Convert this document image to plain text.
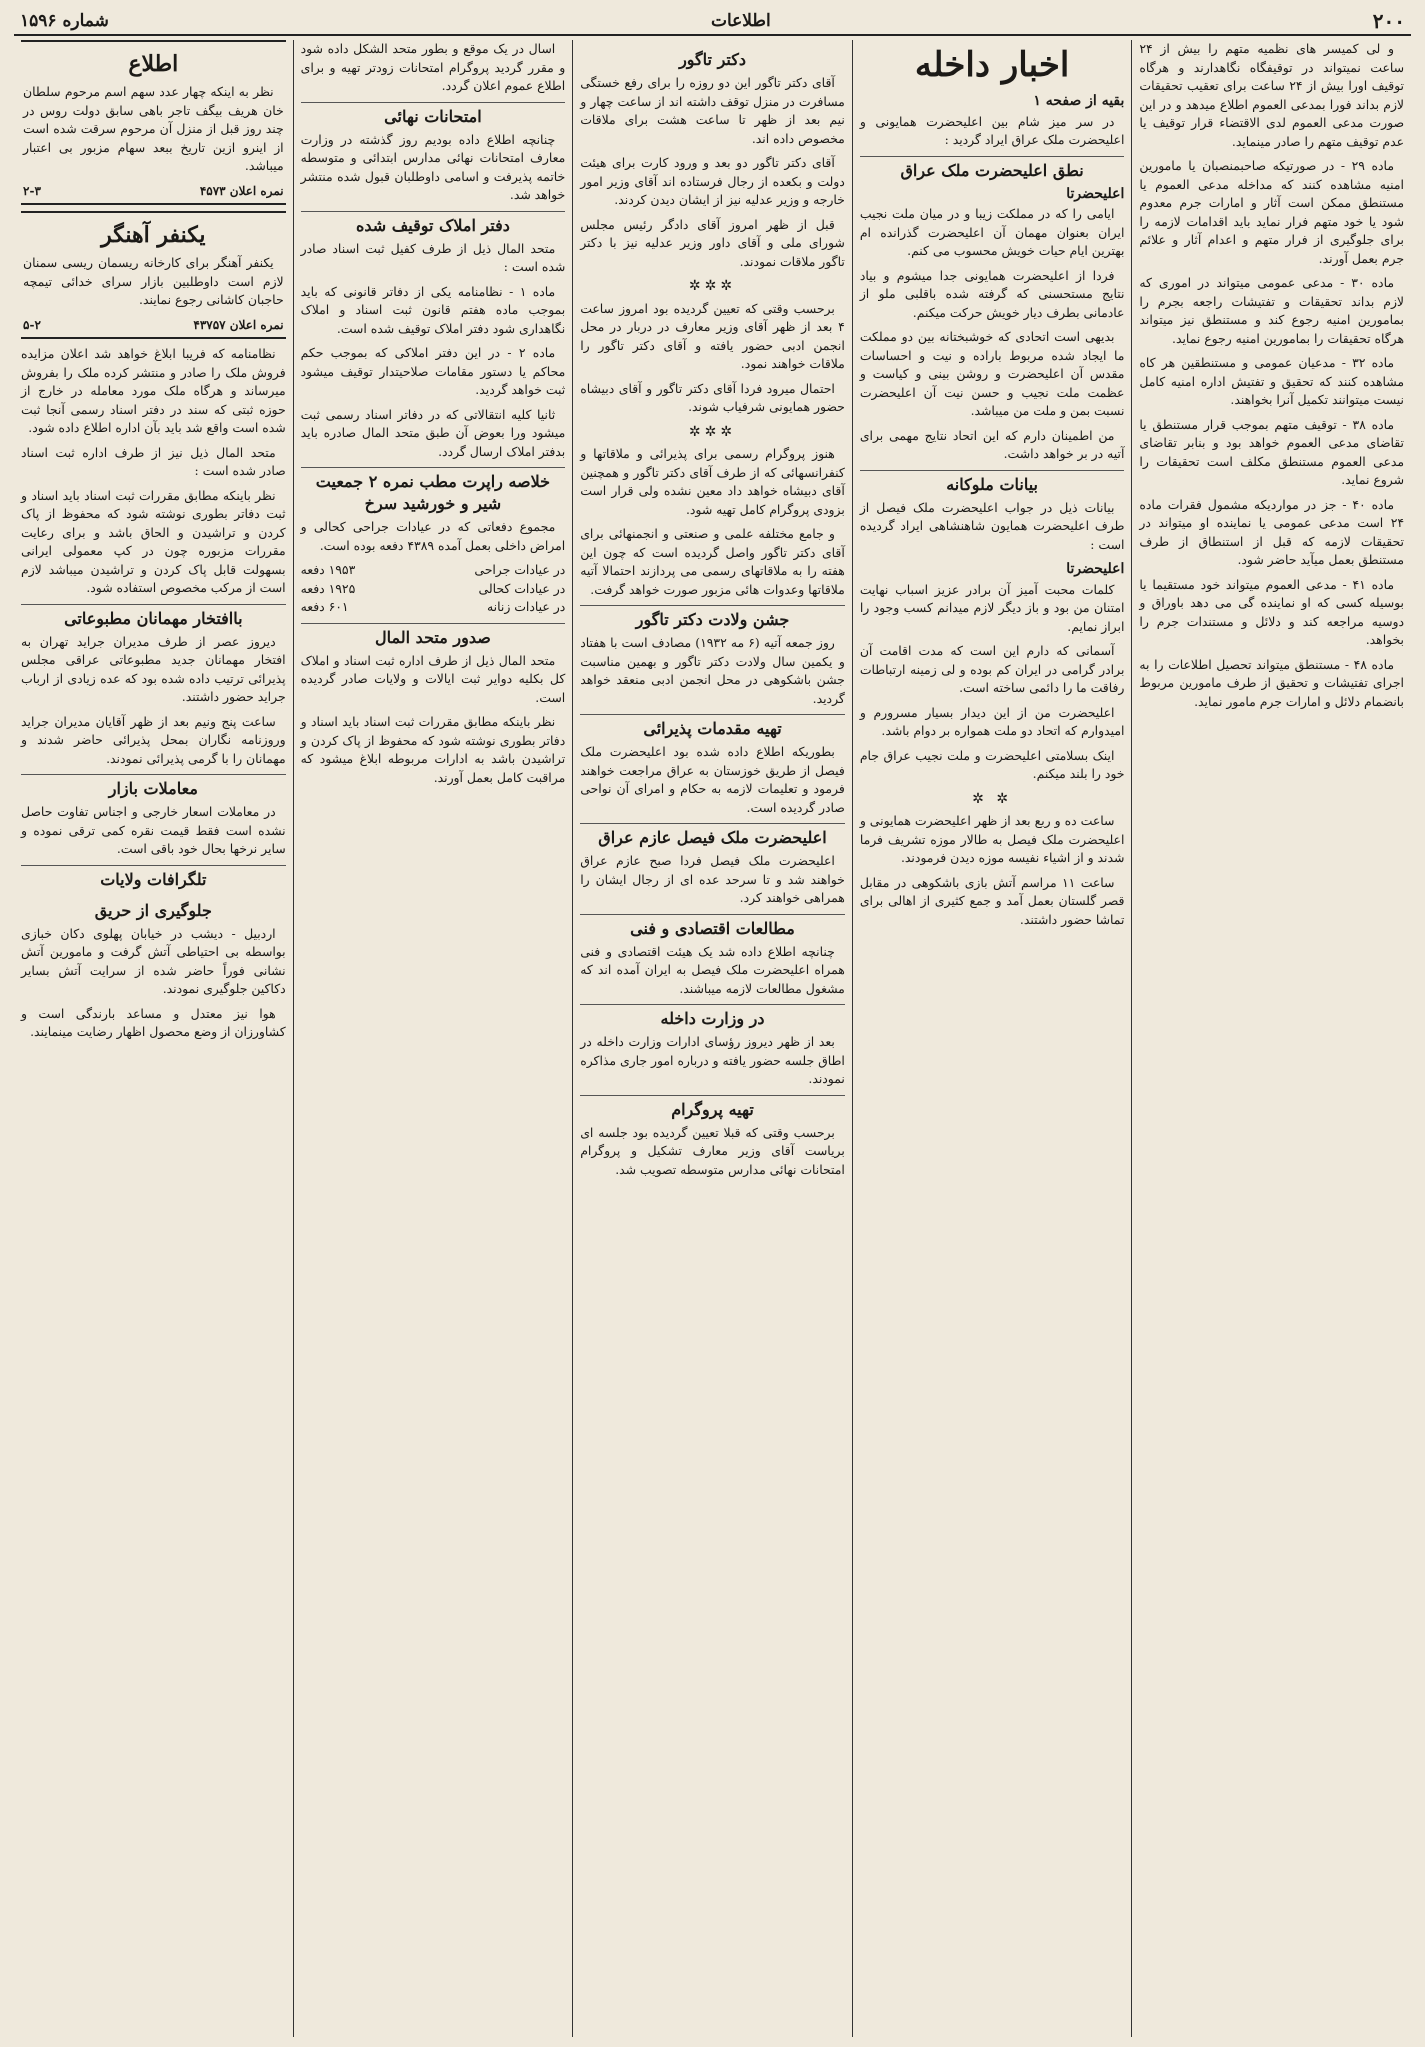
۲۰۰
اطلاعات
شماره ۱۵۹۶

و لی کمیسر های نظمیه متهم را بیش از ۲۴ ساعت نمیتواند در توقیفگاه نگاهدارند و هرگاه توقیف اورا بیش از ۲۴ ساعت برای تعقیب تحقیقات لازم بداند فورا بمدعی العموم اطلاع میدهد و در این صورت مدعی العموم لدی الاقتضاء قرار توقیف یا عدم توقیف متهم را صادر مینماید.

ماده ۲۹ - در صورتیکه صاحبمنصبان یا مامورین امنیه مشاهده کنند که مداخله مدعی العموم یا مستنطق ممکن است آثار و امارات جرم معدوم شود یا خود متهم فرار نماید باید اقدامات لازمه را برای جلوگیری از فرار متهم و اعدام آثار و علائم جرم بعمل آورند.

ماده ۳۰ - مدعی عمومی میتواند در اموری که لازم بداند تحقیقات و تفتیشات راجعه بجرم را بمامورین امنیه رجوع کند و مستنطق نیز میتواند هرگاه تحقیقات را بمامورین امنیه رجوع نماید.

ماده ۳۲ - مدعیان عمومی و مستنطقین هر کاه مشاهده کنند که تحقیق و تفتیش اداره امنیه کامل نیست میتوانند تکمیل آنرا بخواهند.

ماده ۳۸ - توقیف متهم بموجب قرار مستنطق یا تقاضای مدعی العموم خواهد بود و بنابر تقاضای مدعی العموم مستنطق مکلف است تحقیقات را شروع نماید.

ماده ۴۰ - جز در مواردیکه مشمول فقرات ماده ۲۴ است مدعی عمومی یا نماینده او میتواند در تحقیقات لازمه که قبل از استنطاق از طرف مستنطق بعمل میآید حاضر شود.

ماده ۴۱ - مدعی العموم میتواند خود مستقیما یا بوسیله کسی که او نماینده گی می دهد باوراق و دوسیه مراجعه کند و دلائل و مستندات جرم را بخواهد.

ماده ۴۸ - مستنطق میتواند تحصیل اطلاعات را به اجرای تفتیشات و تحقیق از طرف مامورین مربوط بانضمام دلائل و امارات جرم مامور نماید.

اخبار داخله
بقیه از صفحه ۱

در سر میز شام بین اعلیحضرت همایونی و اعلیحضرت ملک عراق ایراد گردید :

نطق اعلیحضرت ملک عراق
اعلیحضرتا

ایامی را که در مملکت زیبا و در میان ملت نجیب ایران بعنوان مهمان آن اعلیحضرت گذرانده ام بهترین ایام حیات خویش محسوب می کنم.

فردا از اعلیحضرت همایونی جدا میشوم و بیاد نتایج مستحسنی که گرفته شده باقلبی ملو از عادمانی بطرف دیار خویش حرکت میکنم.

بدیهی است اتحادی که خوشبختانه بین دو مملکت ما ایجاد شده مربوط باراده و نیت و احساسات مقدس آن اعلیحضرت و روشن بینی و کیاست و عظمت ملت نجیب و حسن نیت آن اعلیحضرت نسبت بمن و ملت من میباشد.

من اطمینان دارم که این اتحاد نتایج مهمی برای آتیه در بر خواهد داشت.

بیانات ملوکانه

بیانات ذیل در جواب اعلیحضرت ملک فیصل از طرف اعلیحضرت همایون شاهنشاهی ایراد گردیده است :

اعلیحضرتا

کلمات محبت آمیز آن برادر عزیز اسباب نهایت امتنان من بود و باز دیگر لازم میدانم کسب وجود را ابراز نمایم.

آسمانی که دارم این است که مدت اقامت آن برادر گرامی در ایران کم بوده و لی زمینه ارتباطات رفاقت ما را دائمی ساخته است.

اعلیحضرت من از این دیدار بسیار مسرورم و امیدوارم که اتحاد دو ملت همواره بر دوام باشد.

اینک بسلامتی اعلیحضرت و ملت نجیب عراق جام خود را بلند میکنم.

✲ ✲

ساعت ده و ربع بعد از ظهر اعلیحضرت همایونی و اعلیحضرت ملک فیصل به طالار موزه تشریف فرما شدند و از اشیاء نفیسه موزه دیدن فرمودند.

ساعت ۱۱ مراسم آتش بازی باشکوهی در مقابل قصر گلستان بعمل آمد و جمع کثیری از اهالی برای تماشا حضور داشتند.

دکتر تاگور

آقای دکتر تاگور این دو روزه را برای رفع خستگی مسافرت در منزل توقف داشته اند از ساعت چهار و نیم بعد از ظهر تا ساعت هشت برای ملاقات مخصوص داده اند.

آقای دکتر تاگور دو بعد و ورود کارت برای هیئت دولت و بکعده از رجال فرستاده اند آقای وزیر امور خارجه و وزیر عدلیه نیز از ایشان دیدن کردند.

قبل از ظهر امروز آقای دادگر رئیس مجلس شورای ملی و آقای داور وزیر عدلیه نیز با دکتر تاگور ملاقات نمودند.

✲✲✲

برحسب وقتی که تعیین گردیده بود امروز ساعت ۴ بعد از ظهر آقای وزیر معارف در دربار در محل انجمن ادبی حضور یافته و آقای دکتر تاگور را ملاقات خواهند نمود.

احتمال میرود فردا آقای دکتر تاگور و آقای دبیشاه حضور همایونی شرفیاب شوند.

✲✲✲

هنوز پروگرام رسمی برای پذیرائی و ملاقاتها و کنفرانسهائی که از طرف آقای دکتر تاگور و همچنین آقای دبیشاه خواهد داد معین نشده ولی قرار است بزودی پروگرام کامل تهیه شود.

و جامع مختلفه علمی و صنعتی و انجمنهائی برای آقای دکتر تاگور واصل گردیده است که چون این هفته را به ملاقاتهای رسمی می پردازند احتمالا آتیه ملاقاتها وعدوات هائی مزبور صورت خواهد گرفت.

جشن ولادت دکتر تاگور

روز جمعه آتیه (۶ مه ۱۹۳۲) مصادف است با هفتاد و یکمین سال ولادت دکتر تاگور و بهمین مناسبت جشن باشکوهی در محل انجمن ادبی منعقد خواهد گردید.

تهیه مقدمات پذیرائی

بطوریکه اطلاع داده شده بود اعلیحضرت ملک فیصل از طریق خوزستان به عراق مراجعت خواهند فرمود و تعلیمات لازمه به حکام و امرای آن نواحی صادر گردیده است.

اعلیحضرت ملک فیصل عازم عراق

اعلیحضرت ملک فیصل فردا صبح عازم عراق خواهند شد و تا سرحد عده ای از رجال ایشان را همراهی خواهند کرد.

مطالعات اقتصادی و فنی

چنانچه اطلاع داده شد یک هیئت اقتصادی و فنی همراه اعلیحضرت ملک فیصل به ایران آمده اند که مشغول مطالعات لازمه میباشند.

در وزارت داخله

بعد از ظهر دیروز رؤسای ادارات وزارت داخله در اطاق جلسه حضور یافته و درباره امور جاری مذاکره نمودند.

تهیه پروگرام

برحسب وقتی که قبلا تعیین گردیده بود جلسه ای بریاست آقای وزیر معارف تشکیل و پروگرام امتحانات نهائی مدارس متوسطه تصویب شد.

اسال در یک موقع و بطور متحد الشکل داده شود و مقرر گردید پروگرام امتحانات زودتر تهیه و برای اطلاع عموم اعلان گردد.

امتحانات نهائی

چنانچه اطلاع داده بودیم روز گذشته در وزارت معارف امتحانات نهائی مدارس ابتدائی و متوسطه خاتمه پذیرفت و اسامی داوطلبان قبول شده منتشر خواهد شد.

دفتر املاک توقیف شده

متحد المال ذیل از طرف کفیل ثبت اسناد صادر شده است :

ماده ۱ - نظامنامه یکی از دفاتر قانونی که باید بموجب ماده هفتم قانون ثبت اسناد و املاک نگاهداری شود دفتر املاک توقیف شده است.

ماده ۲ - در این دفتر املاکی که بموجب حکم محاکم یا دستور مقامات صلاحیتدار توقیف میشود ثبت خواهد گردید.

ثانیا کلیه انتقالاتی که در دفاتر اسناد رسمی ثبت میشود ورا بعوض آن طبق متحد المال صادره باید بدفتر املاک ارسال گردد.

خلاصه راپرت مطب نمره ۲ جمعیت شیر و خورشید سرخ

مجموع دفعاتی که در عیادات جراحی کحالی و امراض داخلی بعمل آمده ۴۳۸۹ دفعه بوده است.

در عیادات جراحی
۱۹۵۳ دفعه
در عیادات کحالی
۱۹۲۵ دفعه
در عیادات زنانه
۶۰۱ دفعه
صدور متحد المال

متحد المال ذیل از طرف اداره ثبت اسناد و املاک کل بکلیه دوایر ثبت ایالات و ولایات صادر گردیده است.

نظر باینکه مطابق مقررات ثبت اسناد باید اسناد و دفاتر بطوری نوشته شود که محفوظ از پاک کردن و تراشیدن باشد به ادارات مربوطه ابلاغ میشود که مراقبت کامل بعمل آورند.

اطلاع

نظر به اینکه چهار عدد سهم اسم مرحوم سلطان خان هریف بیگف تاجر باهی سابق دولت روس در چند روز قبل از منزل آن مرحوم سرقت شده است از اینرو ازین تاریخ ببعد سهام مزبور بی اعتبار میباشد.

نمره اعلان ۴۵۷۳
۲-۳
یکنفر آهنگر

یکنفر آهنگر برای کارخانه ریسمان ریسی سمنان لازم است داوطلبین بازار سرای خدائی تیمچه حاجبان کاشانی رجوع نمایند.

نمره اعلان ۴۳۷۵۷
۵-۲

نظامنامه که فریبا ابلاغ خواهد شد اعلان مزایده فروش ملک را صادر و منتشر کرده ملک را بفروش میرساند و هرگاه ملک مورد معامله در خارج از حوزه ثبتی که سند در دفتر اسناد رسمی آنجا ثبت شده است واقع شد باید بآن اداره اطلاع داده شود.

متحد المال ذیل نیز از طرف اداره ثبت اسناد صادر شده است :

نظر باینکه مطابق مقررات ثبت اسناد باید اسناد و ثبت دفاتر بطوری نوشته شود که محفوظ از پاک کردن و تراشیدن و الحاق باشد و برای رعایت مقررات مزبوره چون در کپ معمولی ایرانی بسهولت قابل پاک کردن و تراشیدن میباشد لازم است از مرکب مخصوص استفاده شود.

باافتخار مهمانان مطبوعاتی

دیروز عصر از طرف مدیران جراید تهران به افتخار مهمانان جدید مطبوعاتی عراقی مجلس پذیرائی ترتیب داده شده بود که عده زیادی از ارباب جراید حضور داشتند.

ساعت پنج ونیم بعد از ظهر آقایان مدیران جراید وروزنامه نگاران بمحل پذیرائی حاضر شدند و مهمانان را با گرمی پذیرائی نمودند.

معاملات بازار

در معاملات اسعار خارجی و اجناس تفاوت حاصل نشده است فقط قیمت نقره کمی ترقی نموده و سایر نرخها بحال خود باقی است.

تلگرافات ولایات
جلوگیری از حریق

اردبیل - دیشب در خیابان پهلوی دکان خبازی بواسطه بی احتیاطی آتش گرفت و مامورین آتش نشانی فوراً حاضر شده از سرایت آتش بسایر دکاکین جلوگیری نمودند.

هوا نیز معتدل و مساعد بارندگی است و کشاورزان از وضع محصول اظهار رضایت مینمایند.
